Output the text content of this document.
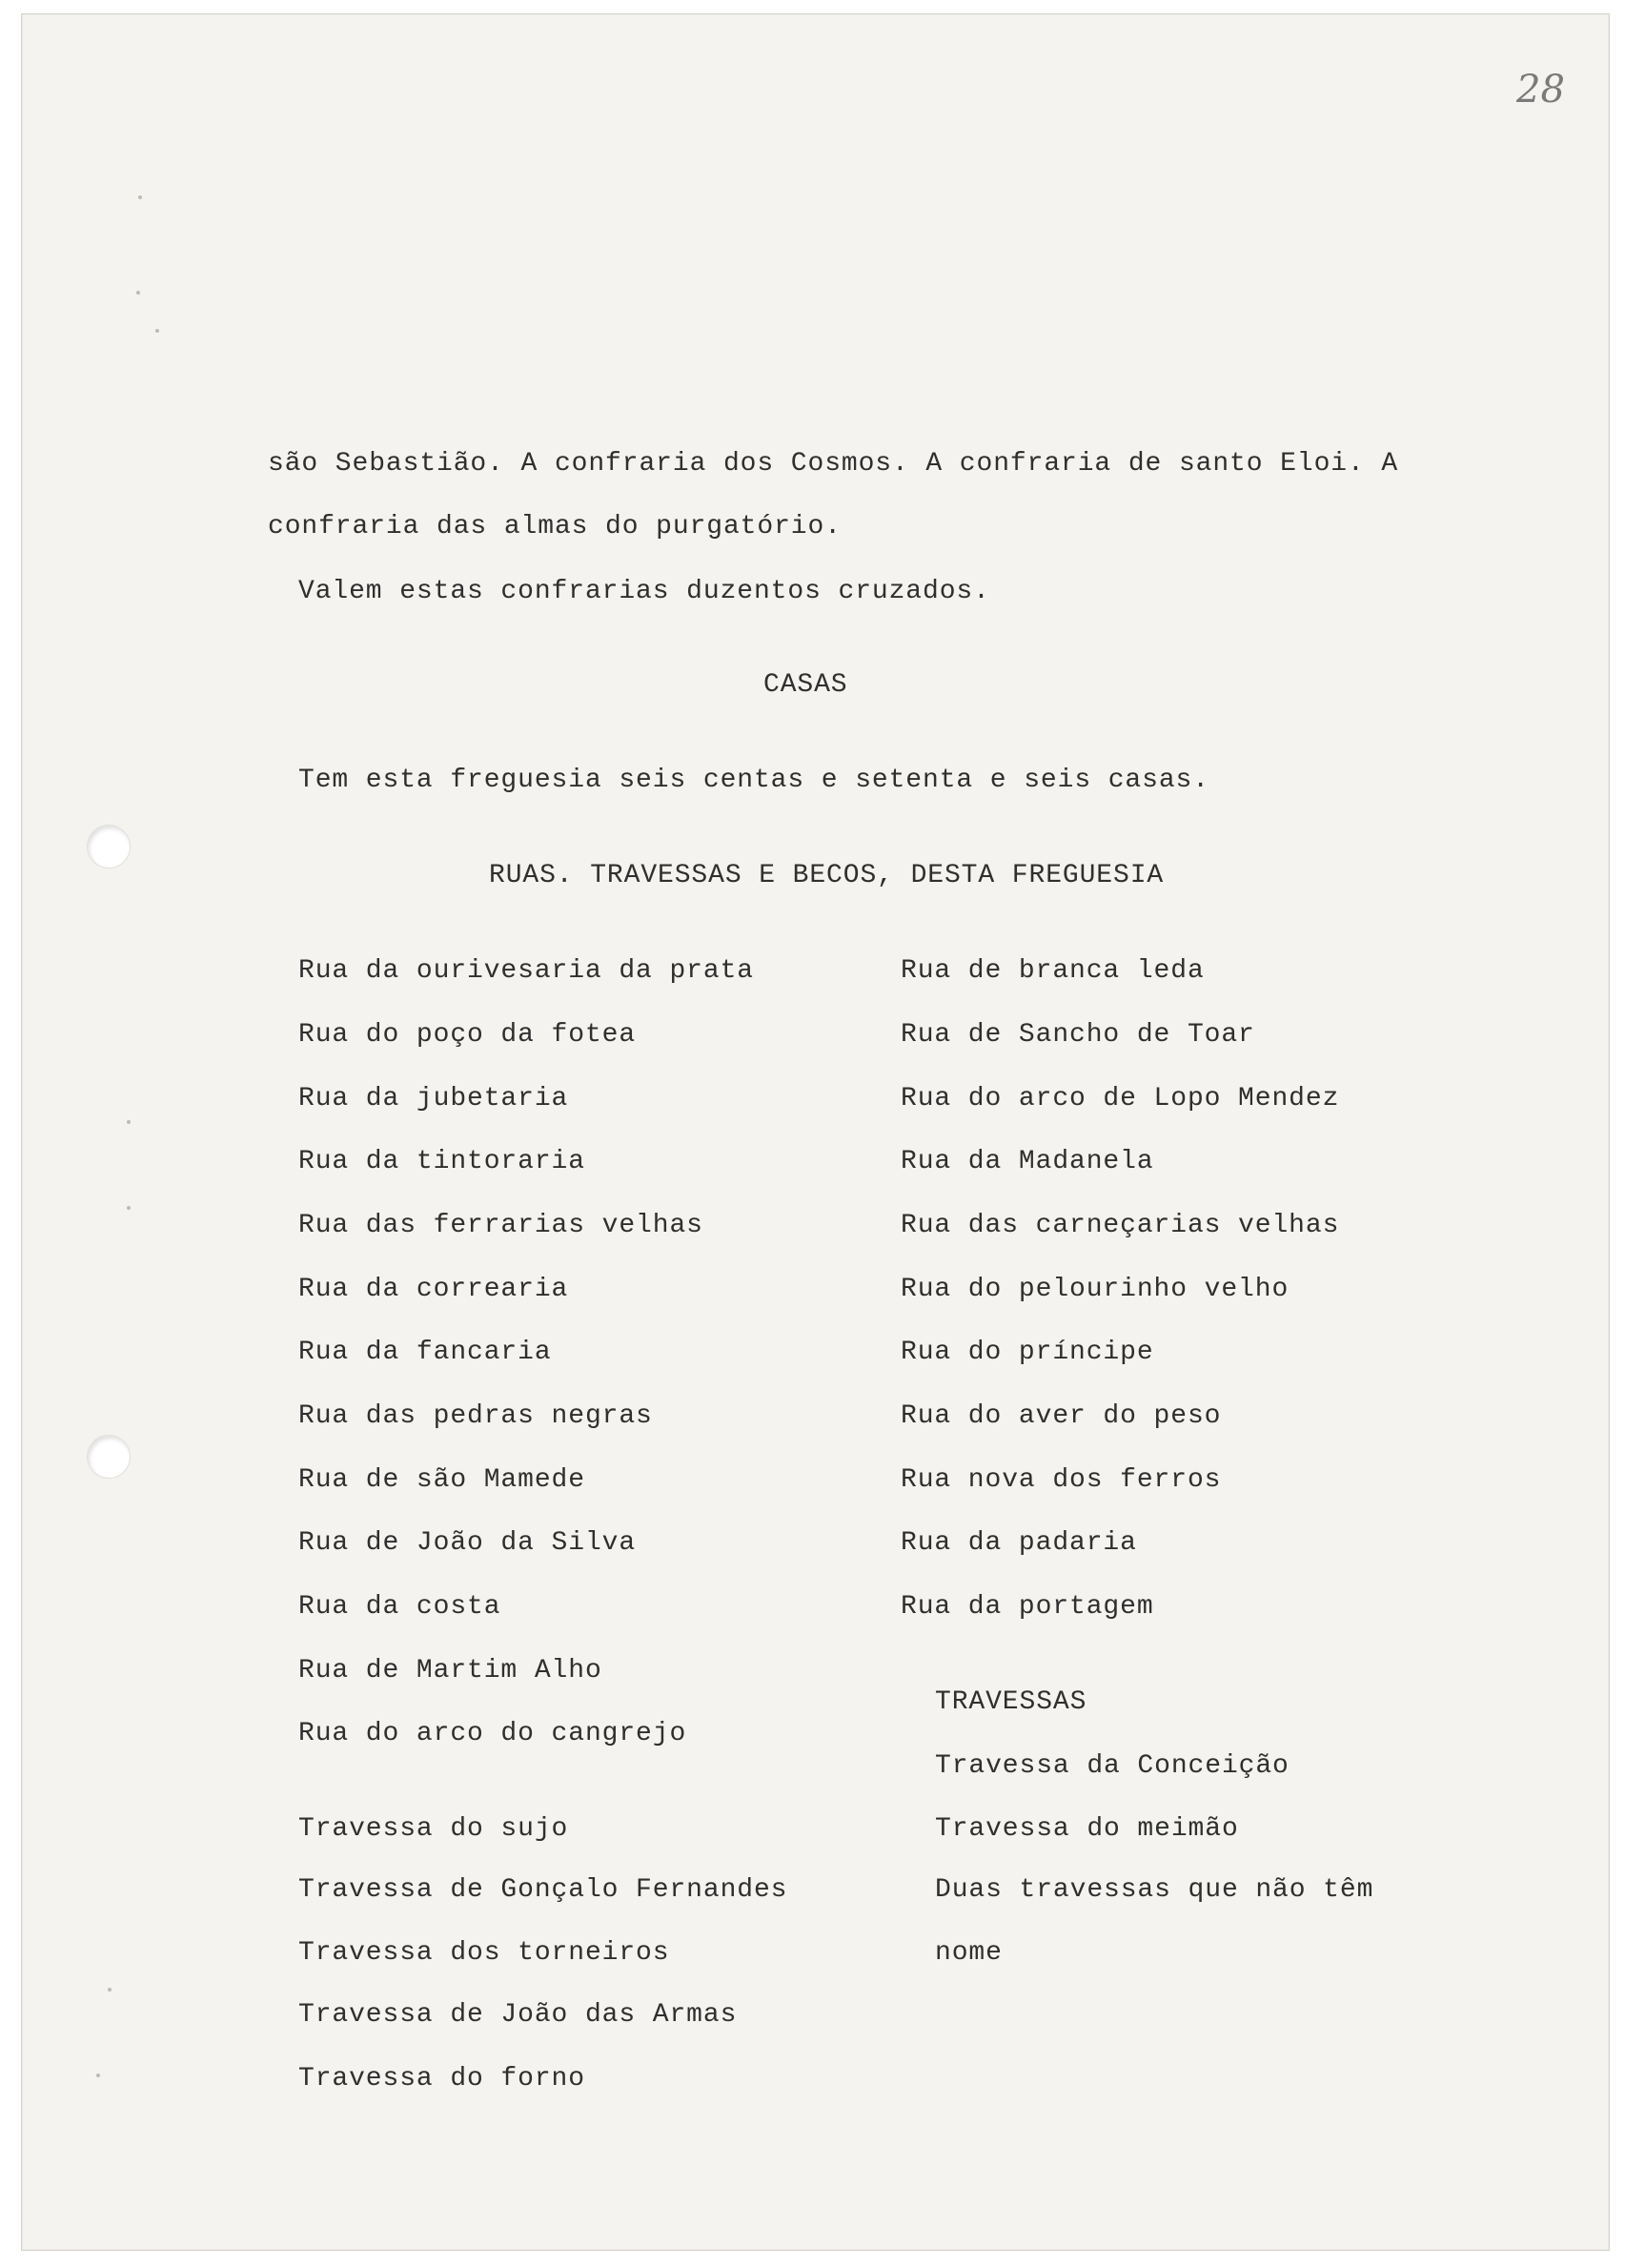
28
são Sebastião. A confraria dos Cosmos. A confraria de santo Eloi. A
confraria das almas do purgatório.
Valem estas confrarias duzentos cruzados.
CASAS
Tem esta freguesia seis centas e setenta e seis casas.
RUAS. TRAVESSAS E BECOS, DESTA FREGUESIA
Rua da ourivesaria da prata
Rua do poço da fotea
Rua da jubetaria
Rua da tintoraria
Rua das ferrarias velhas
Rua da correaria
Rua da fancaria
Rua das pedras negras
Rua de são Mamede
Rua de João da Silva
Rua da costa
Rua de Martim Alho
Rua do arco do cangrejo
Rua de branca leda
Rua de Sancho de Toar
Rua do arco de Lopo Mendez
Rua da Madanela
Rua das carneçarias velhas
Rua do pelourinho velho
Rua do príncipe
Rua do aver do peso
Rua nova dos ferros
Rua da padaria
Rua da portagem
TRAVESSAS
Travessa da Conceição
Travessa do meimão
Duas travessas que não têm
nome
Travessa do sujo
Travessa de Gonçalo Fernandes
Travessa dos torneiros
Travessa de João das Armas
Travessa do forno
